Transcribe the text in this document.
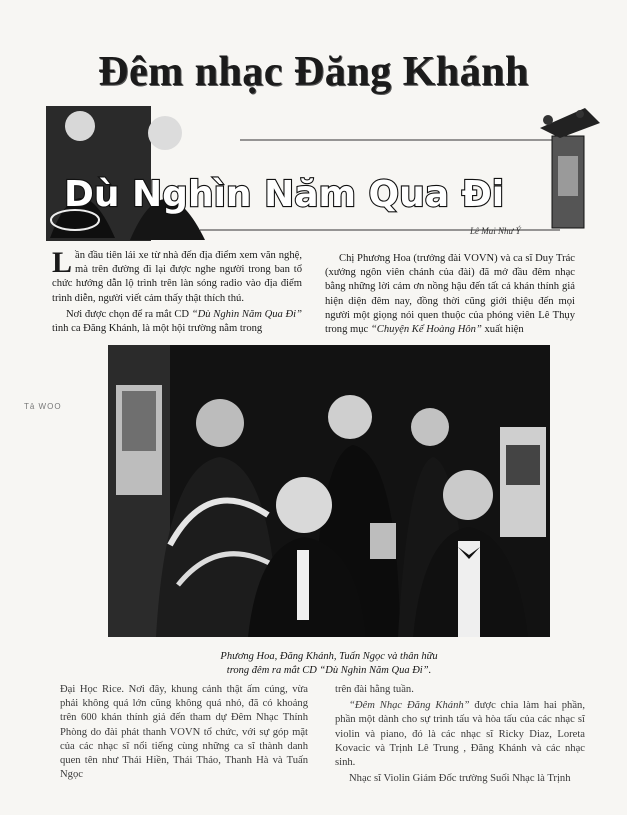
Đêm nhạc Đăng Khánh
Dù Nghìn Năm Qua Đi
Lê Mai Như Ý

Lần đầu tiên lái xe từ nhà đến địa điểm xem văn nghệ, mà trên đường đi lại được nghe người trong ban tổ chức hướng dẫn lộ trình trên làn sóng radio vào địa điểm trình diễn, người viết cảm thấy thật thích thú.

Nơi được chọn để ra mắt CD “Dù Nghìn Năm Qua Đi” tình ca Đăng Khánh, là một hội trường nằm trong

Chị Phương Hoa (trưởng đài VOVN) và ca sĩ Duy Trác (xướng ngôn viên chánh của đài) đã mở đầu đêm nhạc bằng những lời cảm ơn nồng hậu đến tất cả khán thính giả hiện diện đêm nay, đồng thời cũng giới thiệu đến mọi người một giọng nói quen thuộc của phóng viên Lê Thụy trong mục “Chuyện Kể Hoàng Hôn” xuất hiện

Tả WOO
Phương Hoa, Đăng Khánh, Tuấn Ngọc và thân hữu
trong đêm ra mắt CD “Dù Nghìn Năm Qua Đi”.

Đại Học Rice. Nơi đây, khung cảnh thật ấm cúng, vừa phải không quá lớn cũng không quá nhỏ, đã có khoảng trên 600 khán thính giả đến tham dự Đêm Nhạc Thính Phòng do đài phát thanh VOVN tổ chức, với sự góp mặt của các nhạc sĩ nổi tiếng cùng những ca sĩ thành danh quen tên như Thái Hiền, Thái Thảo, Thanh Hà và Tuấn Ngọc

trên đài hằng tuần.

“Đêm Nhạc Đăng Khánh” được chia làm hai phần, phần một dành cho sự trình tấu và hòa tấu của các nhạc sĩ violin và piano, đó là các nhạc sĩ Ricky Diaz, Loreta Kovacic và Trịnh Lê Trung , Đăng Khánh và các nhạc sinh.

Nhạc sĩ Violin Giám Đốc trường Suối Nhạc là Trịnh
